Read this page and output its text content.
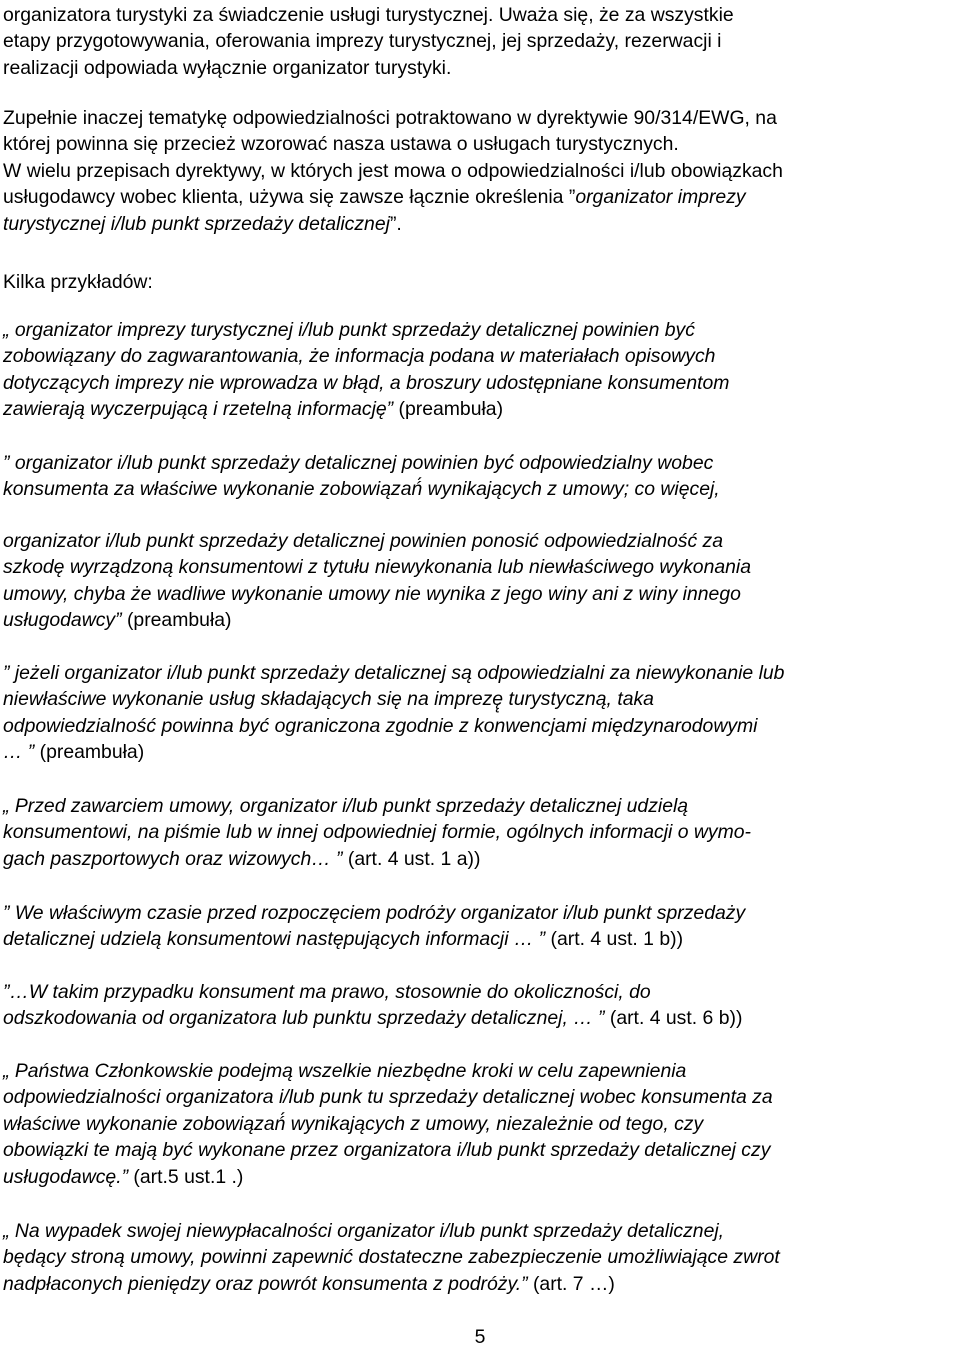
organizatora turystyki za świadczenie usługi turystycznej. Uważa się, że za wszystkie
etapy przygotowywania, oferowania imprezy turystycznej, jej sprzedaży, rezerwacji i
realizacji odpowiada wyłącznie organizator turystyki.
Zupełnie inaczej tematykę odpowiedzialności potraktowano w dyrektywie 90/314/EWG, na
której powinna się przecież wzorować nasza ustawa o usługach turystycznych.
W wielu przepisach dyrektywy, w których jest mowa o odpowiedzialności i/lub obowiązkach
usługodawcy wobec klienta, używa się zawsze łącznie określenia ”organizator imprezy
turystycznej i/lub punkt sprzedaży detalicznej”.
Kilka przykładów:
„ organizator imprezy turystycznej i/lub punkt sprzedaży detalicznej powinien być
zobowiązany do zagwarantowania, że informacja podana w materiałach opisowych
dotyczących imprezy nie wprowadza w błąd, a broszury udostępniane konsumentom
zawierają wyczerpującą i rzetelną informację” (preambuła)
” organizator i/lub punkt sprzedaży detalicznej powinien być́ odpowiedzialny wobec
konsumenta za właściwe wykonanie zobowiązań́ wynikających z umowy; co więcej,
organizator i/lub punkt sprzedaży detalicznej powinien ponosić odpowiedzialność za
szkodę wyrządzoną konsumentowi z tytułu niewykonania lub niewłaściwego wykonania
umowy, chyba że wadliwe wykonanie umowy nie wynika z jego winy ani z winy innego
usługodawcy” (preambuła)
” jeżeli organizator i/lub punkt sprzedaży detalicznej są odpowiedzialni za niewykonanie lub
niewłaściwe wykonanie usług składających się na imprezę̨ turystyczną, taka
odpowiedzialność powinna być ograniczona zgodnie z konwencjami międzynarodowymi
… ” (preambuła)
„ Przed zawarciem umowy, organizator i/lub punkt sprzedaży detalicznej udzielą
konsumentowi, na piśmie lub w innej odpowiedniej formie, ogólnych informacji o wymo-
gach paszportowych oraz wizowych… ” (art. 4 ust. 1 a))
” We właściwym czasie przed rozpoczęciem podróży organizator i/lub punkt sprzedaży
detalicznej udzielą konsumentowi następujących informacji … ” (art. 4 ust. 1 b))
”…W takim przypadku konsument ma prawo, stosownie do okoliczności, do
odszkodowania od organizatora lub punktu sprzedaży detalicznej, … ” (art. 4 ust. 6 b))
„ Państwa Członkowskie podejmą wszelkie niezbędne kroki w celu zapewnienia
odpowiedzialności organizatora i/lub punk tu sprzedaży detalicznej wobec konsumenta za
właściwe wykonanie zobowiązań́ wynikających z umowy, niezależnie od tego, czy
obowiązki te mają być wykonane przez organizatora i/lub punkt sprzedaży detalicznej czy
usługodawcę.” (art.5 ust.1 .)
„ Na wypadek swojej niewypłacalności organizator i/lub punkt sprzedaży detalicznej,
będący stroną umowy, powinni zapewnić dostateczne zabezpieczenie umożliwiające zwrot
nadpłaconych pieniędzy oraz powrót konsumenta z podróży.” (art. 7 …)
5
